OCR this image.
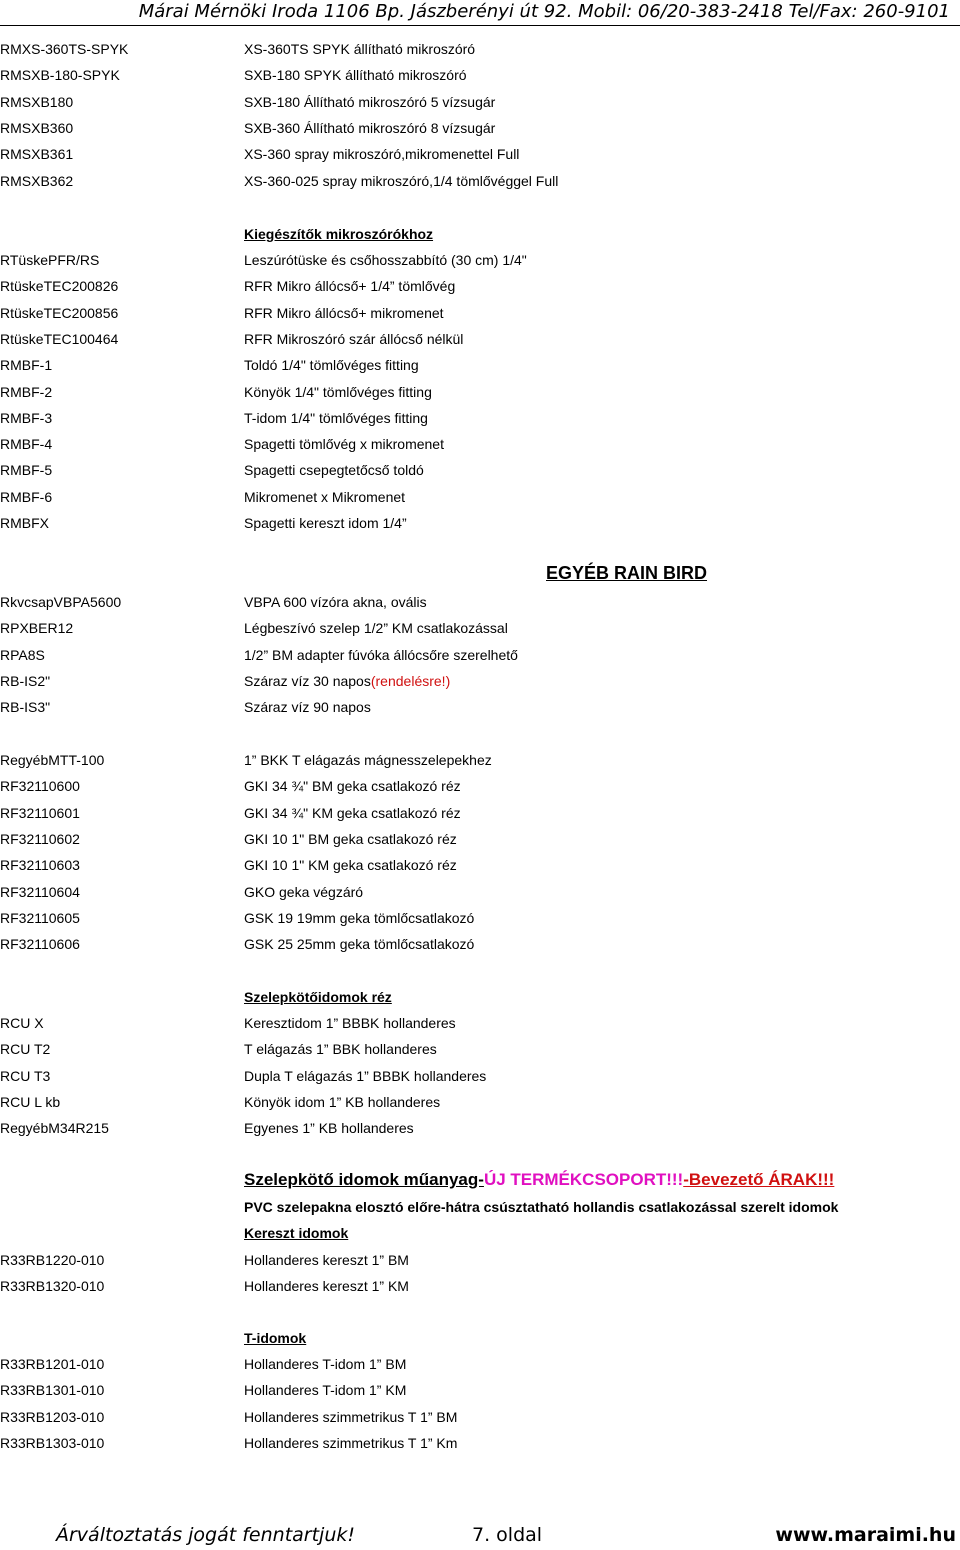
Márai Mérnöki Iroda 1106 Bp. Jászberényi út 92. Mobil: 06/20-383-2418 Tel/Fax: 260-9101
RMXS-360TS-SPYK	XS-360TS SPYK állítható mikroszóró
RMSXB-180-SPYK	SXB-180 SPYK állítható mikroszóró
RMSXB180	SXB-180 Állítható mikroszóró 5 vízsugár
RMSXB360	SXB-360 Állítható mikroszóró 8 vízsugár
RMSXB361	XS-360 spray mikroszóró,mikromenettel Full
RMSXB362	XS-360-025 spray mikroszóró,1/4 tömlővéggel Full
Kiegészítők mikroszórókhoz
RTüskePFR/RS	Leszúrótüske és csőhosszabbító (30 cm) 1/4"
RtüskeTEC200826	RFR Mikro állócső+ 1/4” tömlővég
RtüskeTEC200856	RFR Mikro állócső+ mikromenet
RtüskeTEC100464	RFR Mikroszóró szár állócső nélkül
RMBF-1	Toldó 1/4" tömlővéges fitting
RMBF-2	Könyök 1/4" tömlővéges fitting
RMBF-3	T-idom 1/4" tömlővéges fitting
RMBF-4	Spagetti tömlővég x mikromenet
RMBF-5	Spagetti csepegtetőcső toldó
RMBF-6	Mikromenet x Mikromenet
RMBFX	Spagetti kereszt idom 1/4”
EGYÉB RAIN BIRD
RkvcsapVBPA5600	VBPA 600 vízóra akna, ovális
RPXBER12	Légbeszívó szelep 1/2” KM csatlakozással
RPA8S	1/2” BM adapter fúvóka állócsőre szerelhető
RB-IS2"	Száraz víz 30 napos(rendelésre!)
RB-IS3"	Száraz víz 90 napos
RegyébMTT-100	1” BKK T elágazás mágnesszelepekhez
RF32110600	GKI 34 ¾" BM geka csatlakozó réz
RF32110601	GKI 34 ¾" KM geka csatlakozó réz
RF32110602	GKI 10 1" BM geka csatlakozó réz
RF32110603	GKI 10 1" KM geka csatlakozó réz
RF32110604	GKO geka végzáró
RF32110605	GSK 19 19mm geka tömlőcsatlakozó
RF32110606	GSK 25 25mm geka tömlőcsatlakozó
Szelepkötőidomok réz
RCU X	Keresztidom 1” BBBK hollanderes
RCU T2	T elágazás 1” BBK hollanderes
RCU T3	Dupla T elágazás 1” BBBK hollanderes
RCU L kb	Könyök idom 1” KB hollanderes
RegyébM34R215	Egyenes 1” KB hollanderes
Szelepkötő idomok műanyag-ÚJ TERMÉKCSOPORT!!!-Bevezető ÁRAK!!!
PVC szelepakna elosztó előre-hátra csúsztatható hollandis csatlakozással szerelt idomok
Kereszt idomok
R33RB1220-010	Hollanderes kereszt 1” BM
R33RB1320-010	Hollanderes kereszt 1” KM
T-idomok
R33RB1201-010	Hollanderes T-idom 1” BM
R33RB1301-010	Hollanderes T-idom 1” KM
R33RB1203-010	Hollanderes szimmetrikus T 1” BM
R33RB1303-010	Hollanderes szimmetrikus T 1” Km
Árváltoztatás jogát fenntartjuk!	7. oldal	www.maraimi.hu
